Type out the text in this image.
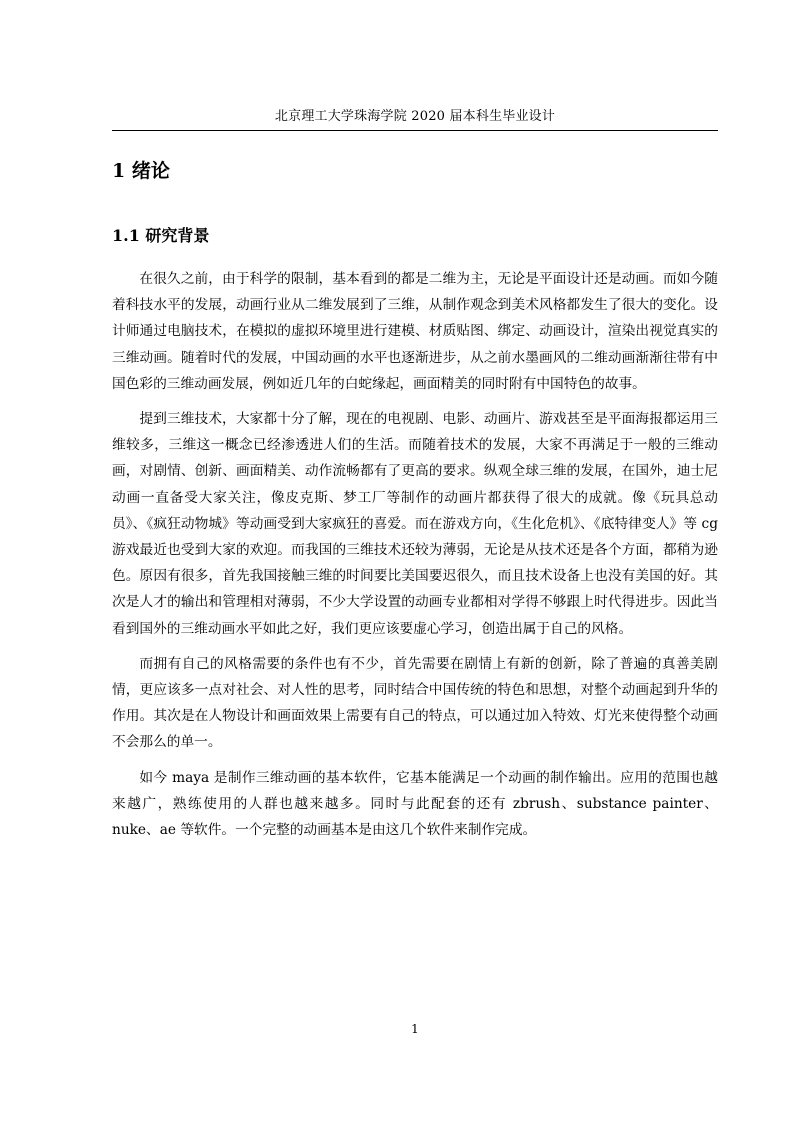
北京理工大学珠海学院 2020 届本科生毕业设计
1 绪论
1.1 研究背景

在很久之前，由于科学的限制，基本看到的都是二维为主，无论是平面设计还是动画。而如今随着科技水平的发展，动画行业从二维发展到了三维，从制作观念到美术风格都发生了很大的变化。设计师通过电脑技术，在模拟的虚拟环境里进行建模、材质贴图、绑定、动画设计，渲染出视觉真实的三维动画。随着时代的发展，中国动画的水平也逐渐进步，从之前水墨画风的二维动画渐渐往带有中国色彩的三维动画发展，例如近几年的白蛇缘起，画面精美的同时附有中国特色的故事。

提到三维技术，大家都十分了解，现在的电视剧、电影、动画片、游戏甚至是平面海报都运用三维较多，三维这一概念已经渗透进人们的生活。而随着技术的发展，大家不再满足于一般的三维动画，对剧情、创新、画面精美、动作流畅都有了更高的要求。纵观全球三维的发展，在国外，迪士尼动画一直备受大家关注，像皮克斯、梦工厂等制作的动画片都获得了很大的成就。像《玩具总动员》、《疯狂动物城》等动画受到大家疯狂的喜爱。而在游戏方向，《生化危机》、《底特律变人》等 cg 游戏最近也受到大家的欢迎。而我国的三维技术还较为薄弱，无论是从技术还是各个方面，都稍为逊色。原因有很多，首先我国接触三维的时间要比美国要迟很久，而且技术设备上也没有美国的好。其次是人才的输出和管理相对薄弱，不少大学设置的动画专业都相对学得不够跟上时代得进步。因此当看到国外的三维动画水平如此之好，我们更应该要虚心学习，创造出属于自己的风格。

而拥有自己的风格需要的条件也有不少，首先需要在剧情上有新的创新，除了普遍的真善美剧情，更应该多一点对社会、对人性的思考，同时结合中国传统的特色和思想，对整个动画起到升华的作用。其次是在人物设计和画面效果上需要有自己的特点，可以通过加入特效、灯光来使得整个动画不会那么的单一。

如今 maya 是制作三维动画的基本软件，它基本能满足一个动画的制作输出。应用的范围也越来越广，熟练使用的人群也越来越多。同时与此配套的还有 zbrush、substance painter、nuke、ae 等软件。一个完整的动画基本是由这几个软件来制作完成。

1
